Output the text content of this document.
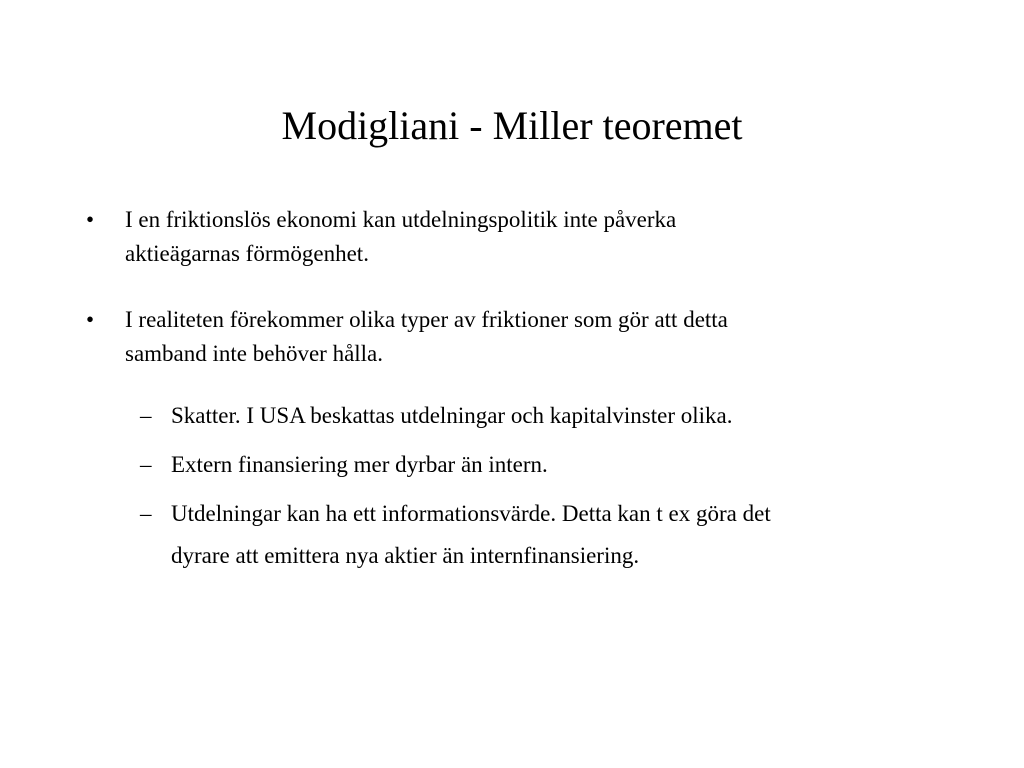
Modigliani - Miller teoremet
• I en friktionslös ekonomi kan utdelningspolitik inte påverka
aktieägarnas förmögenhet.
• I realiteten förekommer olika typer av friktioner som gör att detta
samband inte behöver hålla.
– Skatter. I USA beskattas utdelningar och kapitalvinster olika.
– Extern finansiering mer dyrbar än intern.
– Utdelningar kan ha ett informationsvärde. Detta kan t ex göra det
dyrare att emittera nya aktier än internfinansiering.
